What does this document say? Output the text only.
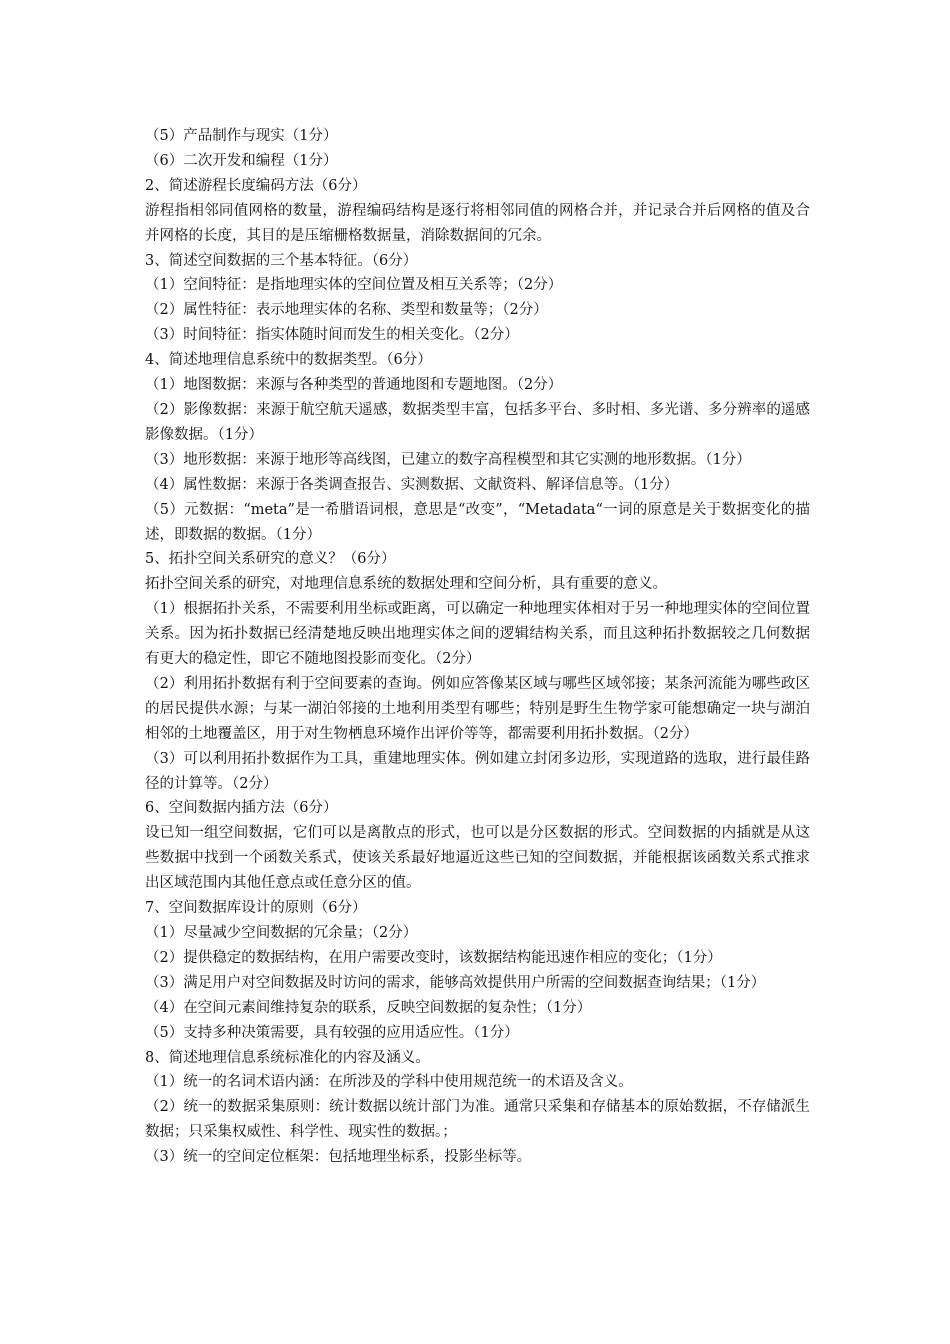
（5）产品制作与现实（1分）

（6）二次开发和编程（1分）

2、简述游程长度编码方法（6分）

游程指相邻同值网格的数量，游程编码结构是逐行将相邻同值的网格合并，并记录合并后网格的值及合并网格的长度，其目的是压缩栅格数据量，消除数据间的冗余。

3、简述空间数据的三个基本特征。（6分）

（1）空间特征：是指地理实体的空间位置及相互关系等；（2分）

（2）属性特征：表示地理实体的名称、类型和数量等；（2分）

（3）时间特征：指实体随时间而发生的相关变化。（2分）

4、简述地理信息系统中的数据类型。（6分）

（1）地图数据：来源与各种类型的普通地图和专题地图。（2分）

（2）影像数据：来源于航空航天遥感，数据类型丰富，包括多平台、多时相、多光谱、多分辨率的遥感影像数据。（1分）

（3）地形数据：来源于地形等高线图，已建立的数字高程模型和其它实测的地形数据。（1分）

（4）属性数据：来源于各类调查报告、实测数据、文献资料、解译信息等。（1分）

（5）元数据：“meta”是一希腊语词根，意思是“改变”，“Metadata“一词的原意是关于数据变化的描述，即数据的数据。（1分）

5、拓扑空间关系研究的意义？（6分）

拓扑空间关系的研究，对地理信息系统的数据处理和空间分析，具有重要的意义。

（1）根据拓扑关系，不需要利用坐标或距离，可以确定一种地理实体相对于另一种地理实体的空间位置关系。因为拓扑数据已经清楚地反映出地理实体之间的逻辑结构关系，而且这种拓扑数据较之几何数据有更大的稳定性，即它不随地图投影而变化。（2分）

（2）利用拓扑数据有利于空间要素的查询。例如应答像某区域与哪些区域邻接；某条河流能为哪些政区的居民提供水源；与某一湖泊邻接的土地利用类型有哪些；特别是野生生物学家可能想确定一块与湖泊相邻的土地覆盖区，用于对生物栖息环境作出评价等等，都需要利用拓扑数据。（2分）

（3）可以利用拓扑数据作为工具，重建地理实体。例如建立封闭多边形，实现道路的选取，进行最佳路径的计算等。（2分）

6、空间数据内插方法（6分）

设已知一组空间数据，它们可以是离散点的形式，也可以是分区数据的形式。空间数据的内插就是从这些数据中找到一个函数关系式，使该关系最好地逼近这些已知的空间数据，并能根据该函数关系式推求出区域范围内其他任意点或任意分区的值。

7、空间数据库设计的原则（6分）

（1）尽量减少空间数据的冗余量；（2分）

（2）提供稳定的数据结构，在用户需要改变时，该数据结构能迅速作相应的变化；（1分）

（3）满足用户对空间数据及时访问的需求，能够高效提供用户所需的空间数据查询结果；（1分）

（4）在空间元素间维持复杂的联系，反映空间数据的复杂性；（1分）

（5）支持多种决策需要，具有较强的应用适应性。（1分）

8、简述地理信息系统标准化的内容及涵义。

（1）统一的名词术语内涵：在所涉及的学科中使用规范统一的术语及含义。

（2）统一的数据采集原则：统计数据以统计部门为准。通常只采集和存储基本的原始数据，不存储派生数据；只采集权威性、科学性、现实性的数据。；

（3）统一的空间定位框架：包括地理坐标系，投影坐标等。
